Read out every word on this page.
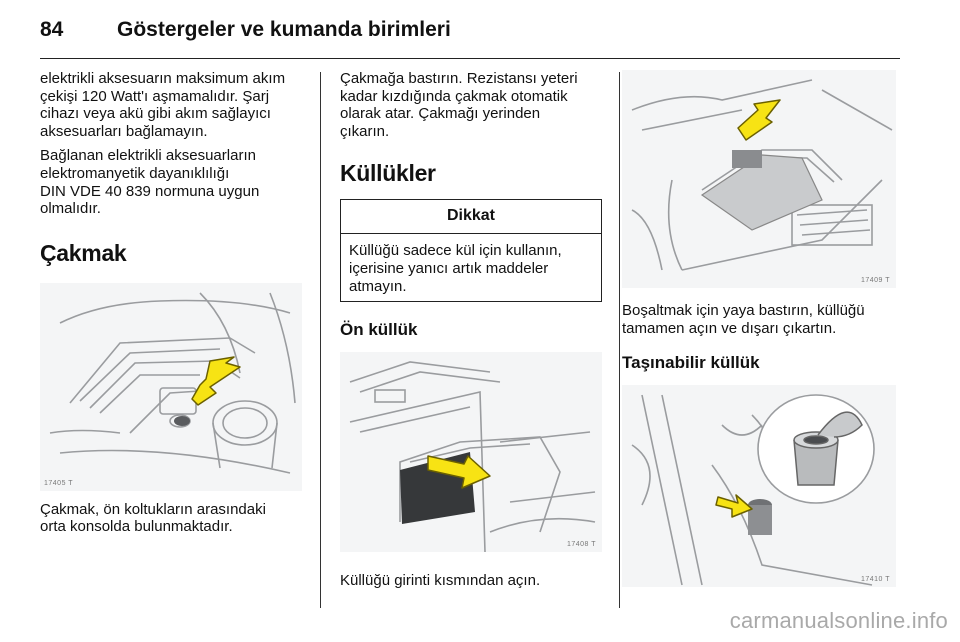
84	Göstergeler ve kumanda birimleri

elektrikli aksesuarın maksimum akım
çekişi 120 Watt'ı aşmamalıdır. Şarj
cihazı veya akü gibi akım sağlayıcı
aksesuarları bağlamayın.

Bağlanan elektrikli aksesuarların
elektromanyetik dayanıklılığı
DIN VDE 40 839 normuna uygun
olmalıdır.

Çakmak
17405 T

Çakmak, ön koltukların arasındaki
orta konsolda bulunmaktadır.

Çakmağa bastırın. Rezistansı yeteri
kadar kızdığında çakmak otomatik
olarak atar. Çakmağı yerinden
çıkarın.

Küllükler
Dikkat
Küllüğü sadece kül için kullanın,
içerisine yanıcı artık maddeler
atmayın.
Ön küllük
17408 T

Küllüğü girinti kısmından açın.

17409 T

Boşaltmak için yaya bastırın, küllüğü
tamamen açın ve dışarı çıkartın.

Taşınabilir küllük
17410 T
carmanualsonline.info
